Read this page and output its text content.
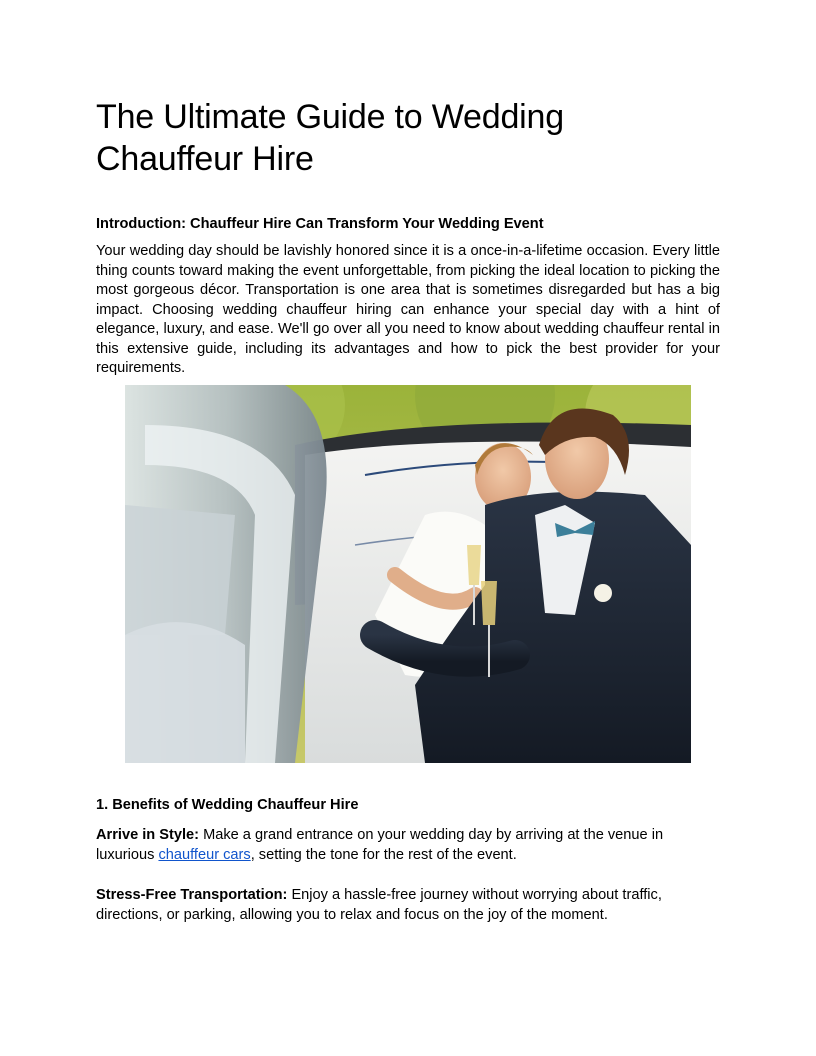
The Ultimate Guide to Wedding Chauffeur Hire

Introduction: Chauffeur Hire Can Transform Your Wedding Event

Your wedding day should be lavishly honored since it is a once-in-a-lifetime occasion. Every little thing counts toward making the event unforgettable, from picking the ideal location to picking the most gorgeous décor. Transportation is one area that is sometimes disregarded but has a big impact. Choosing wedding chauffeur hiring can enhance your special day with a hint of elegance, luxury, and ease. We'll go over all you need to know about wedding chauffeur rental in this extensive guide, including its advantages and how to pick the best provider for your requirements.

1. Benefits of Wedding Chauffeur Hire

Arrive in Style: Make a grand entrance on your wedding day by arriving at the venue in luxurious chauffeur cars, setting the tone for the rest of the event.

Stress-Free Transportation: Enjoy a hassle-free journey without worrying about traffic, directions, or parking, allowing you to relax and focus on the joy of the moment.
